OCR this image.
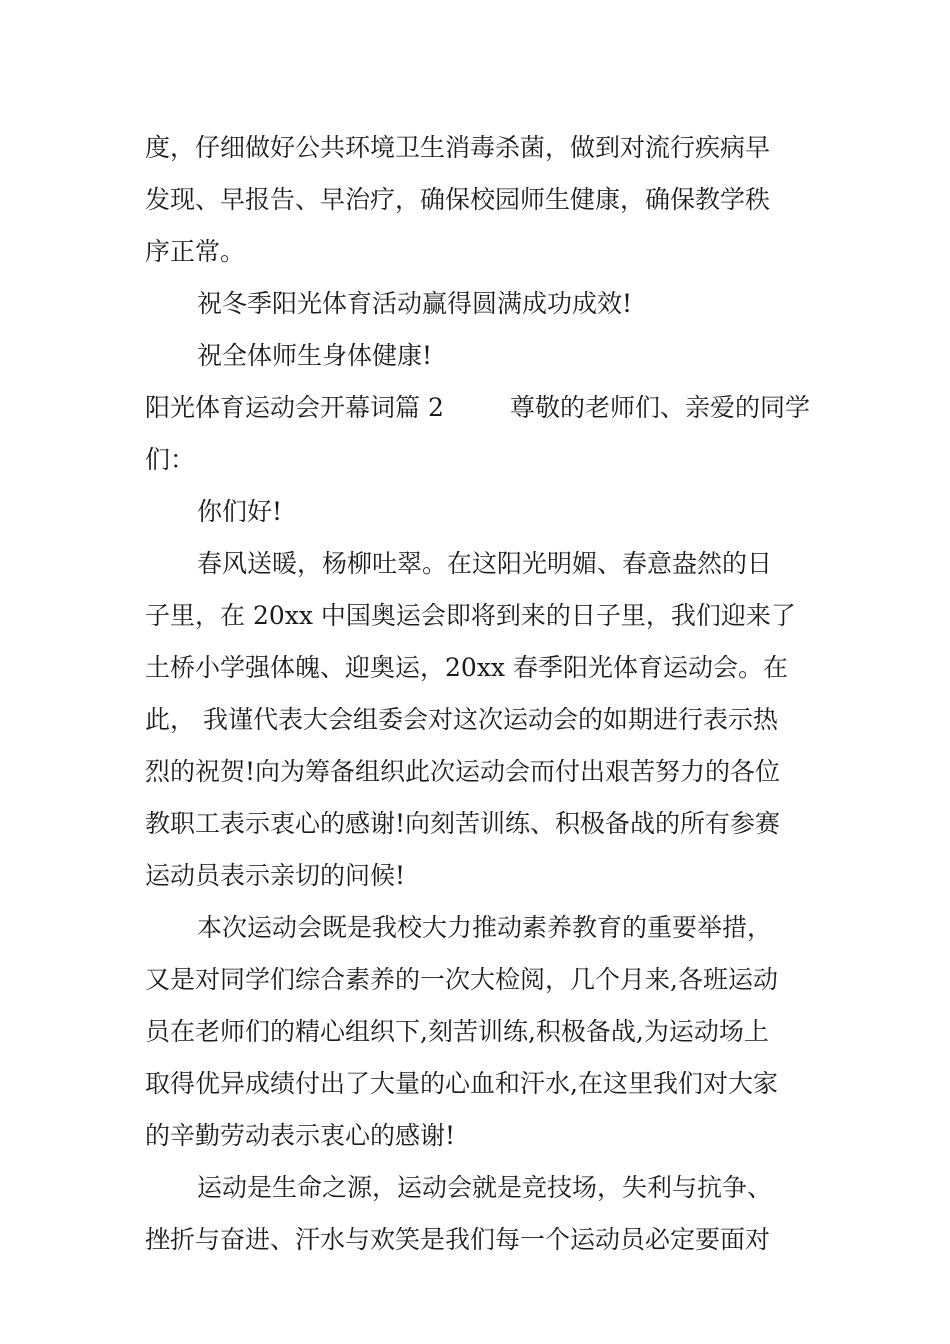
度，仔细做好公共环境卫生消毒杀菌，做到对流行疾病早
发现、早报告、早治疗，确保校园师生健康，确保教学秩
序正常。
祝冬季阳光体育活动赢得圆满成功成效!
祝全体师生身体健康!
阳光体育运动会开幕词篇 2	尊敬的老师们、亲爱的同学
们：
你们好!
春风送暖，杨柳吐翠。在这阳光明媚、春意盎然的日
子里，在 20xx 中国奥运会即将到来的日子里，我们迎来了
土桥小学强体魄、迎奥运，20xx 春季阳光体育运动会。在
此， 我谨代表大会组委会对这次运动会的如期进行表示热
烈的祝贺!向为筹备组织此次运动会而付出艰苦努力的各位
教职工表示衷心的感谢!向刻苦训练、积极备战的所有参赛
运动员表示亲切的问候!
本次运动会既是我校大力推动素养教育的重要举措，
又是对同学们综合素养的一次大检阅，几个月来,各班运动
员在老师们的精心组织下,刻苦训练,积极备战,为运动场上
取得优异成绩付出了大量的心血和汗水,在这里我们对大家
的辛勤劳动表示衷心的感谢!
运动是生命之源，运动会就是竞技场，失利与抗争、
挫折与奋进、汗水与欢笑是我们每一个运动员必定要面对
